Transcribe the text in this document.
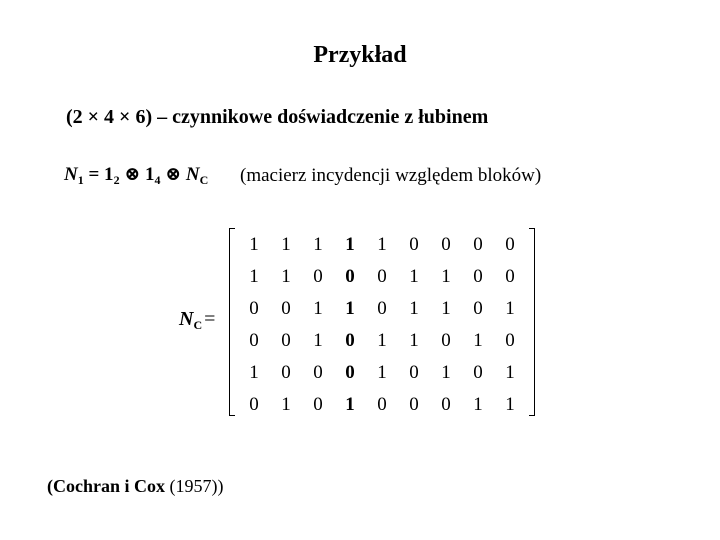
Przykład
(2 × 4 × 6) – czynnikowe doświadczenie z łubinem
$N_1 = 1_2$ ⊗ $1_4$ ⊗ $N_C$ (macierz incydencji względem bloków)
$N_C$ =
1	1	1	1	1	0	0	0	0
1	1	0	0	0	1	1	0	0
0	0	1	1	0	1	1	0	1
0	0	1	0	1	1	0	1	0
1	0	0	0	1	0	1	0	1
0	1	0	1	0	0	0	1	1
(Cochran i Cox (1957))
